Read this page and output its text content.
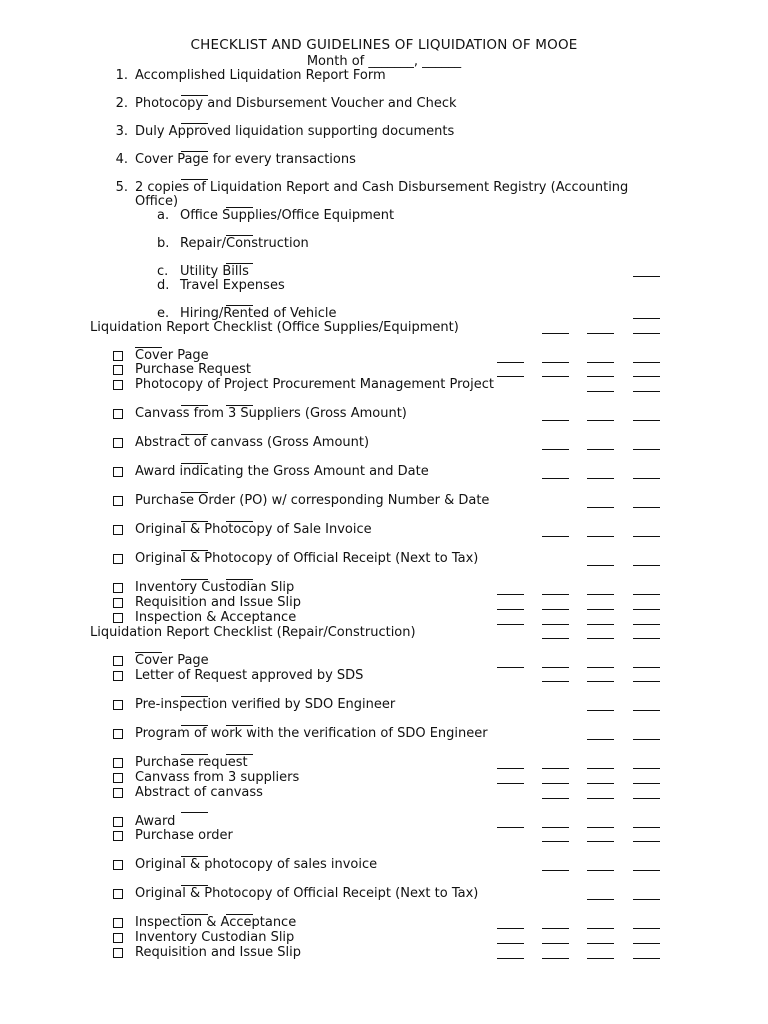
CHECKLIST AND GUIDELINES OF LIQUIDATION OF MOOE
Month of _______, ______
1. Accomplished Liquidation Report Form
2. Photocopy and Disbursement Voucher and Check
3. Duly Approved liquidation supporting documents
4. Cover Page for every transactions
5. 2 copies of Liquidation Report and Cash Disbursement Registry (Accounting
Office)
a. Office Supplies/Office Equipment
b. Repair/Construction
c. Utility Bills
d. Travel Expenses
e. Hiring/Rented of Vehicle
Liquidation Report Checklist (Office Supplies/Equipment)
Cover Page
Purchase Request
Photocopy of Project Procurement Management Project
Canvass from 3 Suppliers (Gross Amount)
Abstract of canvass (Gross Amount)
Award indicating the Gross Amount and Date
Purchase Order (PO) w/ corresponding Number & Date
Original & Photocopy of Sale Invoice
Original & Photocopy of Official Receipt (Next to Tax)
Inventory Custodian Slip
Requisition and Issue Slip
Inspection & Acceptance
Liquidation Report Checklist (Repair/Construction)
Cover Page
Letter of Request approved by SDS
Pre-inspection verified by SDO Engineer
Program of work with the verification of SDO Engineer
Purchase request
Canvass from 3 suppliers
Abstract of canvass
Award
Purchase order
Original & photocopy of sales invoice
Original & Photocopy of Official Receipt (Next to Tax)
Inspection & Acceptance
Inventory Custodian Slip
Requisition and Issue Slip
